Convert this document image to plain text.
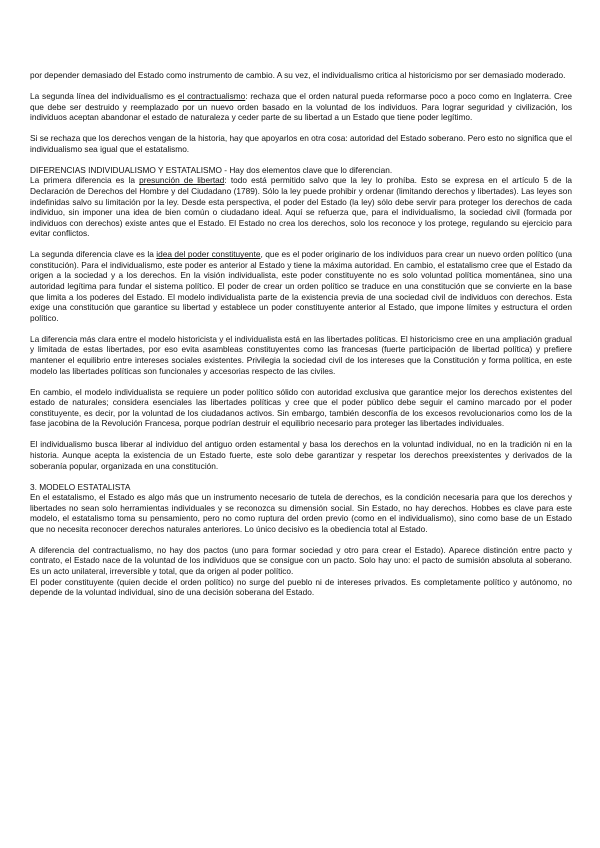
por depender demasiado del Estado como instrumento de cambio. A su vez, el individualismo critica al historicismo por ser demasiado moderado.

La segunda línea del individualismo es el contractualismo: rechaza que el orden natural pueda reformarse poco a poco como en Inglaterra. Cree que debe ser destruido y reemplazado por un nuevo orden basado en la voluntad de los individuos. Para lograr seguridad y civilización, los individuos aceptan abandonar el estado de naturaleza y ceder parte de su libertad a un Estado que tiene poder legítimo.

Si se rechaza que los derechos vengan de la historia, hay que apoyarlos en otra cosa: autoridad del Estado soberano. Pero esto no significa que el individualismo sea igual que el estatalismo.

DIFERENCIAS INDIVIDUALISMO Y ESTATALISMO - Hay dos elementos clave que lo diferencian.

La primera diferencia es la presunción de libertad: todo está permitido salvo que la ley lo prohíba. Esto se expresa en el artículo 5 de la Declaración de Derechos del Hombre y del Ciudadano (1789). Sólo la ley puede prohibir y ordenar (limitando derechos y libertades). Las leyes son indefinidas salvo su limitación por la ley. Desde esta perspectiva, el poder del Estado (la ley) sólo debe servir para proteger los derechos de cada individuo, sin imponer una idea de bien común o ciudadano ideal. Aquí se refuerza que, para el individualismo, la sociedad civil (formada por individuos con derechos) existe antes que el Estado. El Estado no crea los derechos, solo los reconoce y los protege, regulando su ejercicio para evitar conflictos.

La segunda diferencia clave es la idea del poder constituyente, que es el poder originario de los individuos para crear un nuevo orden político (una constitución). Para el individualismo, este poder es anterior al Estado y tiene la máxima autoridad. En cambio, el estatalismo cree que el Estado da origen a la sociedad y a los derechos. En la visión individualista, este poder constituyente no es solo voluntad política momentánea, sino una autoridad legítima para fundar el sistema político. El poder de crear un orden político se traduce en una constitución que se convierte en la base que limita a los poderes del Estado. El modelo individualista parte de la existencia previa de una sociedad civil de individuos con derechos. Esta exige una constitución que garantice su libertad y establece un poder constituyente anterior al Estado, que impone límites y estructura el orden político.

La diferencia más clara entre el modelo historicista y el individualista está en las libertades políticas. El historicismo cree en una ampliación gradual y limitada de estas libertades, por eso evita asambleas constituyentes como las francesas (fuerte participación de libertad política) y prefiere mantener el equilibrio entre intereses sociales existentes. Privilegia la sociedad civil de los intereses que la Constitución y forma política, en este modelo las libertades políticas son funcionales y accesorias respecto de las civiles.

En cambio, el modelo individualista se requiere un poder político sólido con autoridad exclusiva que garantice mejor los derechos existentes del estado de naturales; considera esenciales las libertades políticas y cree que el poder público debe seguir el camino marcado por el poder constituyente, es decir, por la voluntad de los ciudadanos activos. Sin embargo, también desconfía de los excesos revolucionarios como los de la fase jacobina de la Revolución Francesa, porque podrían destruir el equilibrio necesario para proteger las libertades individuales.

El individualismo busca liberar al individuo del antiguo orden estamental y basa los derechos en la voluntad individual, no en la tradición ni en la historia. Aunque acepta la existencia de un Estado fuerte, este solo debe garantizar y respetar los derechos preexistentes y derivados de la soberanía popular, organizada en una constitución.

3. MODELO ESTATALISTA

En el estatalismo, el Estado es algo más que un instrumento necesario de tutela de derechos, es la condición necesaria para que los derechos y libertades no sean solo herramientas individuales y se reconozca su dimensión social. Sin Estado, no hay derechos. Hobbes es clave para este modelo, el estatalismo toma su pensamiento, pero no como ruptura del orden previo (como en el individualismo), sino como base de un Estado que no necesita reconocer derechos naturales anteriores. Lo único decisivo es la obediencia total al Estado.

A diferencia del contractualismo, no hay dos pactos (uno para formar sociedad y otro para crear el Estado). Aparece distinción entre pacto y contrato, el Estado nace de la voluntad de los individuos que se consigue con un pacto. Solo hay uno: el pacto de sumisión absoluta al soberano. Es un acto unilateral, irreversible y total, que da origen al poder político.

El poder constituyente (quien decide el orden político) no surge del pueblo ni de intereses privados. Es completamente político y autónomo, no depende de la voluntad individual, sino de una decisión soberana del Estado.
